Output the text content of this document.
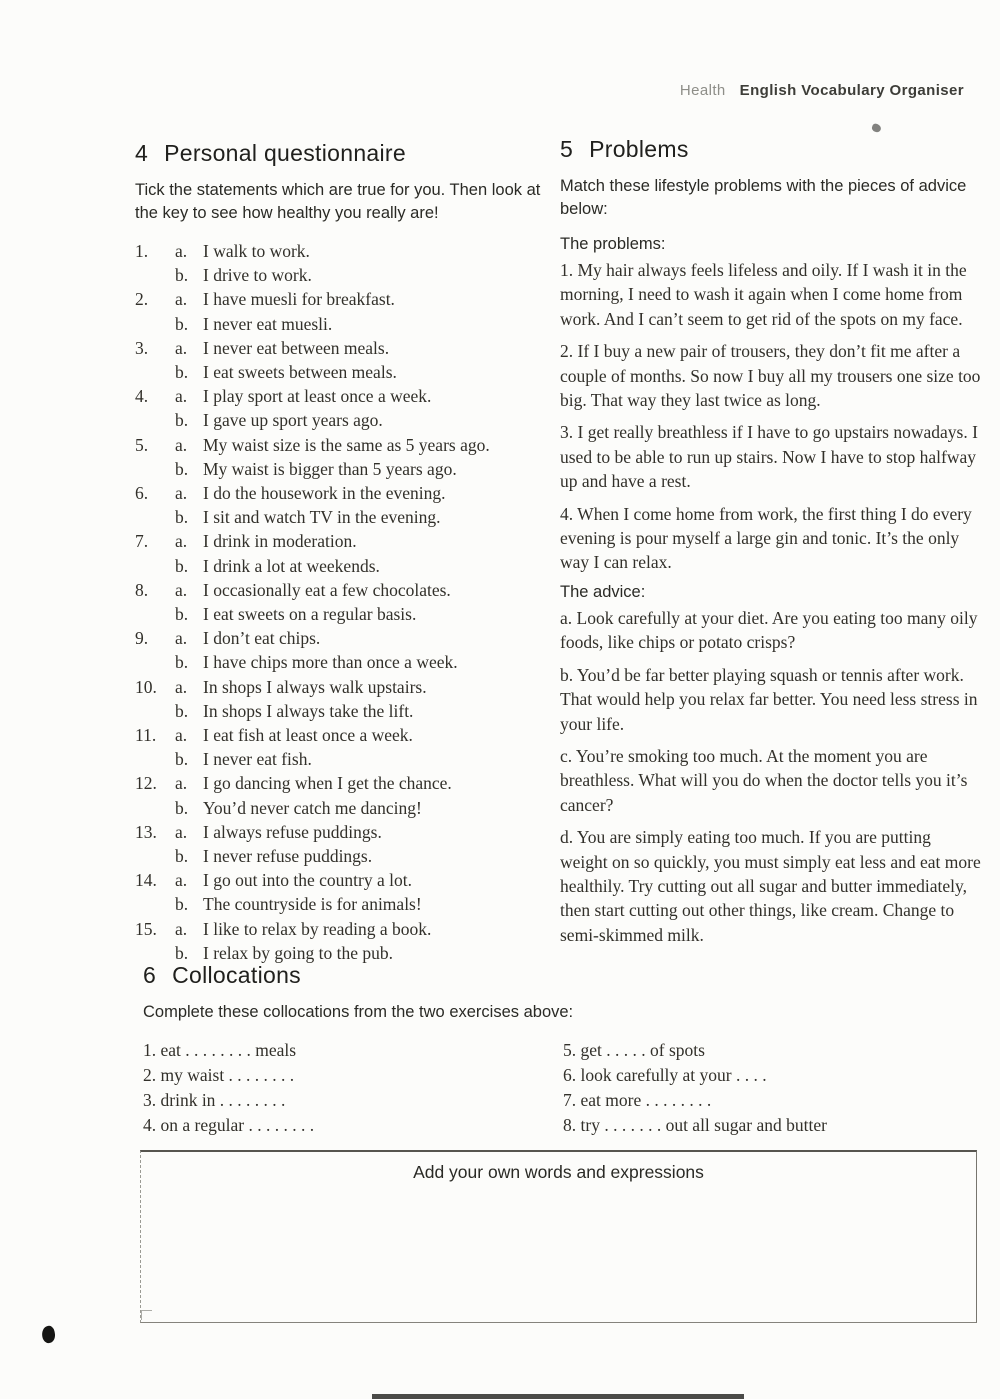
Health English Vocabulary Organiser
4 Personal questionnaire

Tick the statements which are true for you. Then look at the key to see how healthy you really are!

1.	a. I walk to work.
b. I drive to work.
2.	a. I have muesli for breakfast.
b. I never eat muesli.
3.	a. I never eat between meals.
b. I eat sweets between meals.
4.	a. I play sport at least once a week.
b. I gave up sport years ago.
5.	a. My waist size is the same as 5 years ago.
b. My waist is bigger than 5 years ago.
6.	a. I do the housework in the evening.
b. I sit and watch TV in the evening.
7.	a. I drink in moderation.
b. I drink a lot at weekends.
8.	a. I occasionally eat a few chocolates.
b. I eat sweets on a regular basis.
9.	a. I don’t eat chips.
b. I have chips more than once a week.
10.	a. In shops I always walk upstairs.
b. In shops I always take the lift.
11.	a. I eat fish at least once a week.
b. I never eat fish.
12.	a. I go dancing when I get the chance.
b. You’d never catch me dancing!
13.	a. I always refuse puddings.
b. I never refuse puddings.
14.	a. I go out into the country a lot.
b. The countryside is for animals!
15.	a. I like to relax by reading a book.
b. I relax by going to the pub.
5 Problems

Match these lifestyle problems with the pieces of advice below:

The problems:

1. My hair always feels lifeless and oily. If I wash it in the morning, I need to wash it again when I come home from work. And I can’t seem to get rid of the spots on my face.

2. If I buy a new pair of trousers, they don’t fit me after a couple of months. So now I buy all my trousers one size too big. That way they last twice as long.

3. I get really breathless if I have to go upstairs nowadays. I used to be able to run up stairs. Now I have to stop halfway up and have a rest.

4. When I come home from work, the first thing I do every evening is pour myself a large gin and tonic. It’s the only way I can relax.

The advice:

a. Look carefully at your diet. Are you eating too many oily foods, like chips or potato crisps?

b. You’d be far better playing squash or tennis after work. That would help you relax far better. You need less stress in your life.

c. You’re smoking too much. At the moment you are breathless. What will you do when the doctor tells you it’s cancer?

d. You are simply eating too much. If you are putting weight on so quickly, you must simply eat less and eat more healthily. Try cutting out all sugar and butter immediately, then start cutting out other things, like cream. Change to semi-skimmed milk.

6 Collocations

Complete these collocations from the two exercises above:

1. eat . . . . . . . . meals
2. my waist . . . . . . . .
3. drink in . . . . . . . .
4. on a regular . . . . . . . .
5. get . . . . . of spots
6. look carefully at your . . . .
7. eat more . . . . . . . .
8. try . . . . . . . out all sugar and butter
Add your own words and expressions
